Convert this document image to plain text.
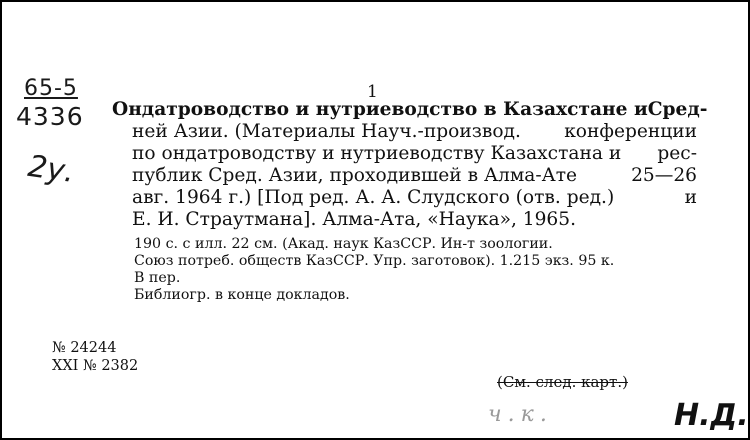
65-5
4336
2у.
1
Ондатроводство и нутриеводство в Казахстане и Сред-
ней Азии. (Материалы Науч.-производ. конференции
по ондатроводству и нутриеводству Казахстана и рес-
публик Сред. Азии, проходившей в Алма-Ате	25—26
авг. 1964 г.) [Под ред. А. А. Слудского (отв. ред.)	и
Е. И. Страутмана]. Алма-Ата, «Наука», 1965.
190 с. с илл. 22 см. (Акад. наук КазССР. Ин-т зоологии.
Союз потреб. обществ КазССР. Упр. заготовок). 1.215 экз. 95 к.
В пер.
Библиогр. в конце докладов.
№ 24244
XXI № 2382
(См. след. карт.)
ч.к.	Н.Д.
